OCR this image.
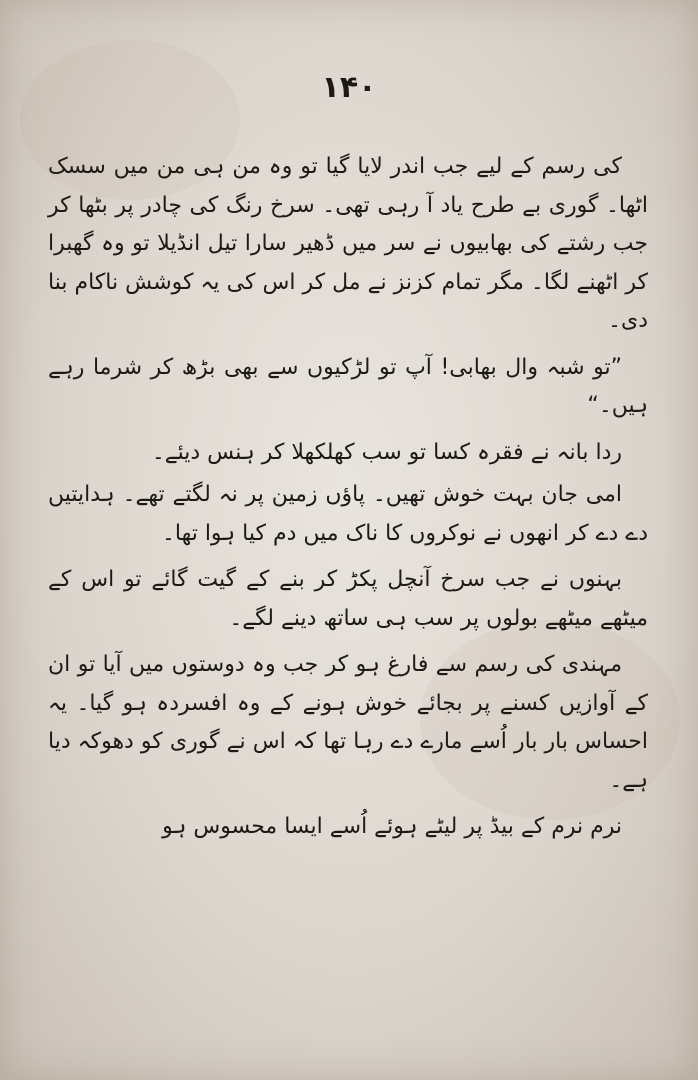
۱۴۰

کی رسم کے لیے جب اندر لایا گیا تو وہ من ہی من میں سسک اٹھا۔ گوری بے طرح یاد آ رہی تھی۔ سرخ رنگ کی چادر پر بٹھا کر جب رشتے کی بھابیوں نے سر میں ڈھیر سارا تیل انڈیلا تو وہ گھبرا کر اٹھنے لگا۔ مگر تمام کزنز نے مل کر اس کی یہ کوشش ناکام بنا دی۔

”تو شبہ وال بھابی! آپ تو لڑکیوں سے بھی بڑھ کر شرما رہے ہیں۔“

ردا بانہ نے فقرہ کسا تو سب کھلکھلا کر ہنس دیئے۔

امی جان بہت خوش تھیں۔ پاؤں زمین پر نہ لگتے تھے۔ ہدایتیں دے دے کر انھوں نے نوکروں کا ناک میں دم کیا ہوا تھا۔

بہنوں نے جب سرخ آنچل پکڑ کر بنے کے گیت گائے تو اس کے میٹھے میٹھے بولوں پر سب ہی ساتھ دینے لگے۔

مہندی کی رسم سے فارغ ہو کر جب وہ دوستوں میں آیا تو ان کے آوازیں کسنے پر بجائے خوش ہونے کے وہ افسردہ ہو گیا۔ یہ احساس بار بار اُسے مارے دے رہا تھا کہ اس نے گوری کو دھوکہ دیا ہے۔

نرم نرم کے بیڈ پر لیٹے ہوئے اُسے ایسا محسوس ہو
